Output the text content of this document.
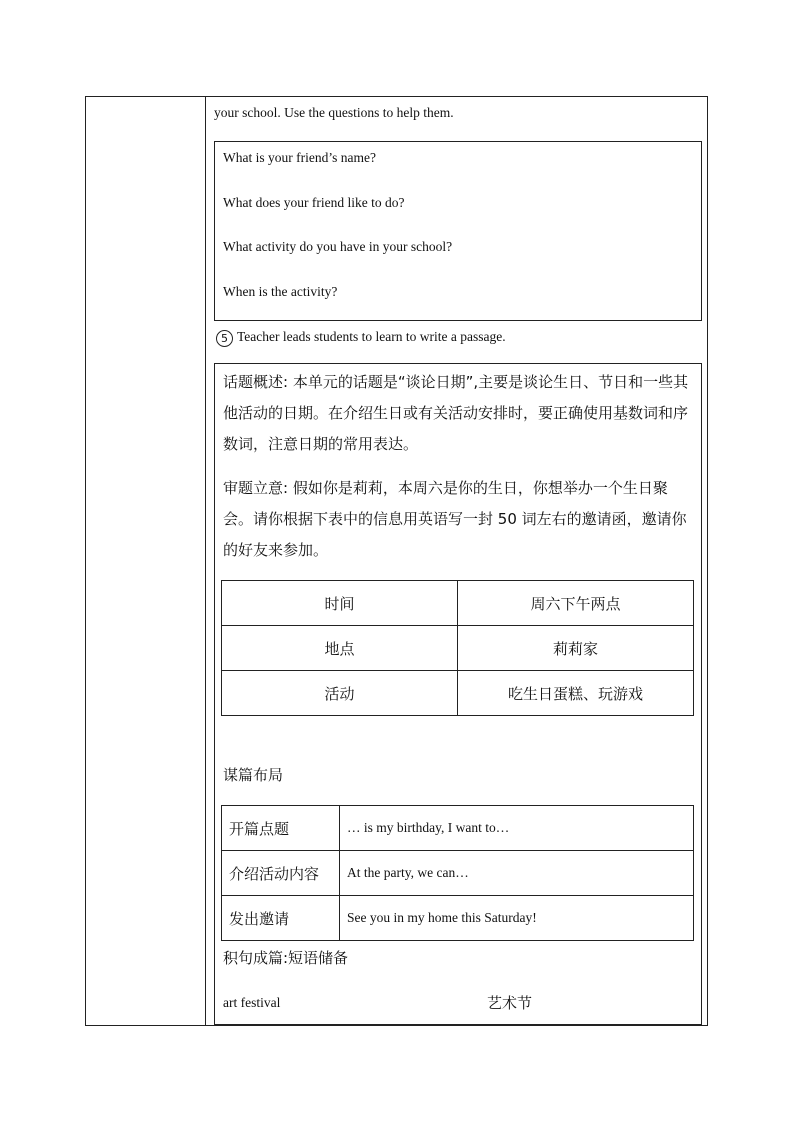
your school. Use the questions to help them.
What is your friend’s name?
What does your friend like to do?
What activity do you have in your school?
When is the activity?
5 Teacher leads students to learn to write a passage.
话题概述: 本单元的话题是“谈论日期”,主要是谈论生日、节日和一些其他活动的日期。在介绍生日或有关活动安排时，要正确使用基数词和序数词，注意日期的常用表达。
审题立意: 假如你是莉莉，本周六是你的生日，你想举办一个生日聚会。请你根据下表中的信息用英语写一封 50 词左右的邀请函，邀请你的好友来参加。
时间	周六下午两点
地点	莉莉家
活动	吃生日蛋糕、玩游戏
谋篇布局
开篇点题	… is my birthday, I want to…
介绍活动内容	At the party, we can…
发出邀请	See you in my home this Saturday!
积句成篇:短语储备
art festival	艺术节
